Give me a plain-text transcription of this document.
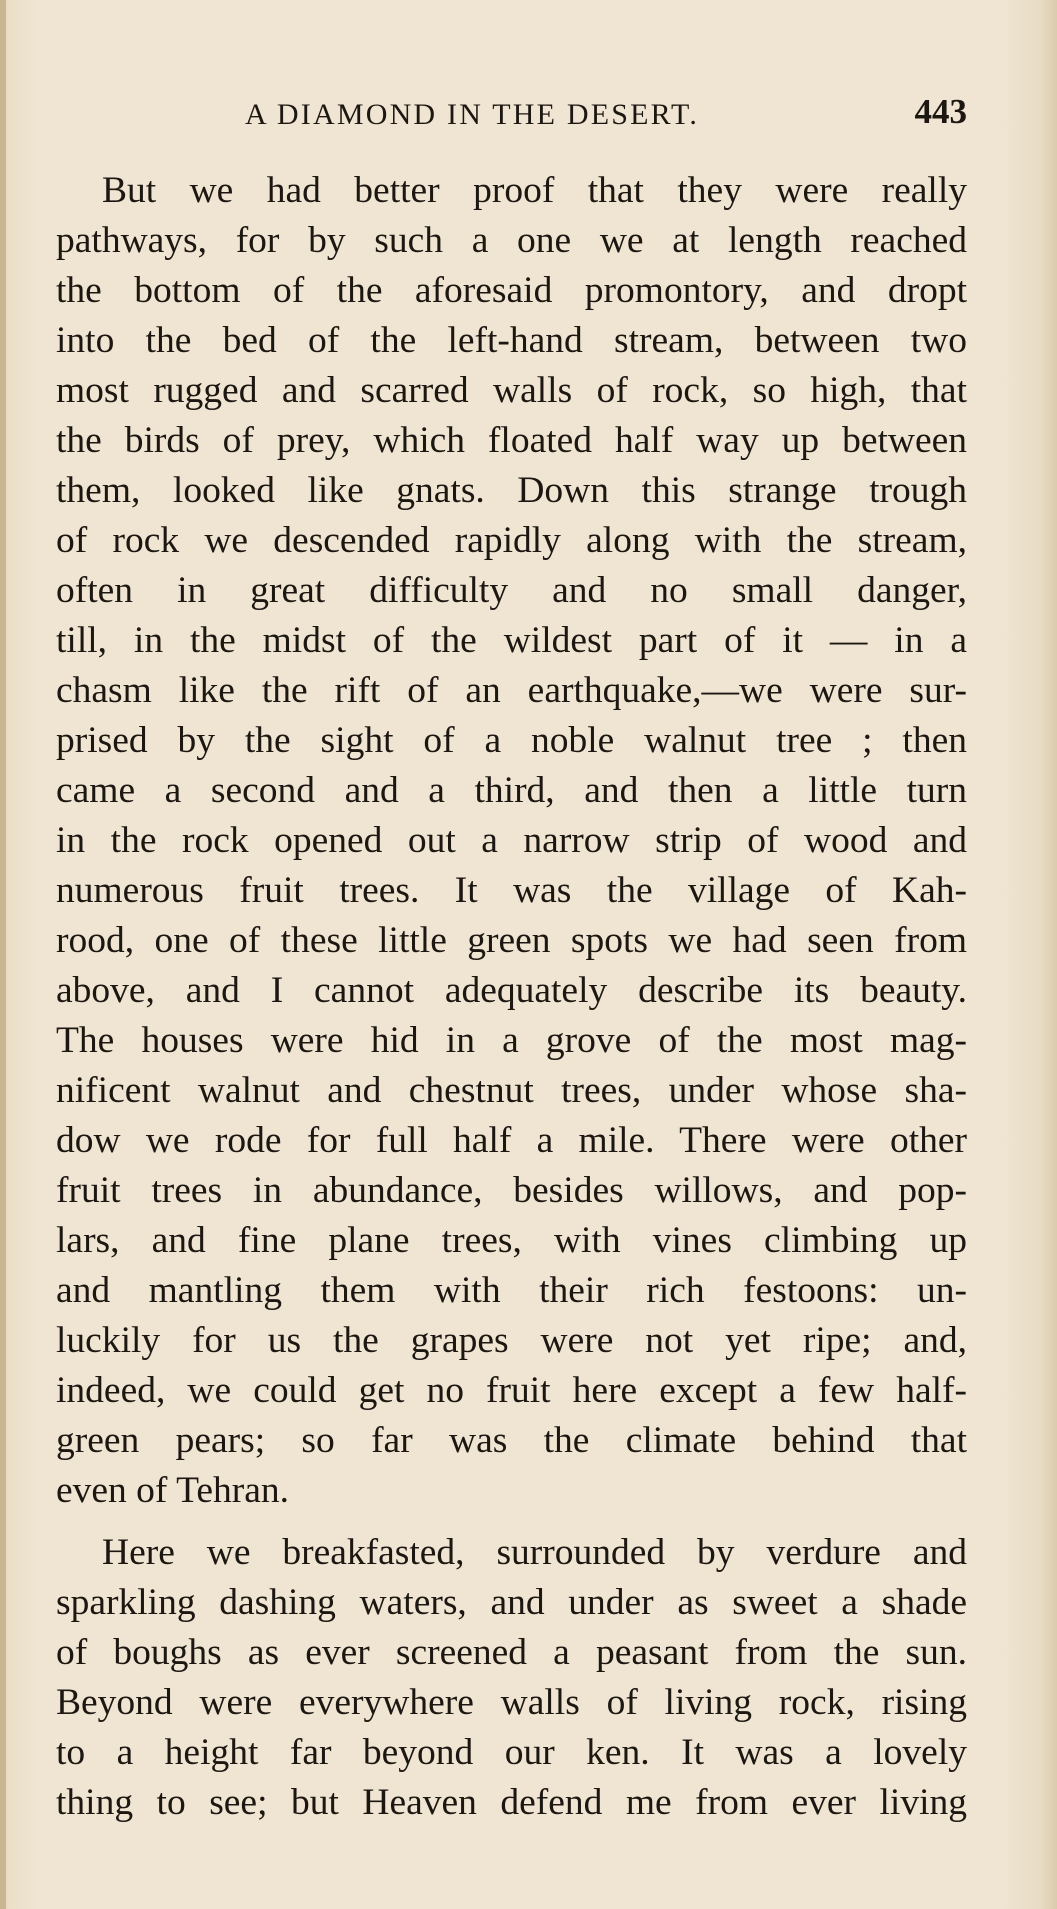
A DIAMOND IN THE DESERT.	443
But we had better proof that they were really
pathways, for by such a one we at length reached
the bottom of the aforesaid promontory, and dropt
into the bed of the left-hand stream, between two
most rugged and scarred walls of rock, so high, that
the birds of prey, which floated half way up between
them, looked like gnats. Down this strange trough
of rock we descended rapidly along with the stream,
often in great difficulty and no small danger,
till, in the midst of the wildest part of it — in a
chasm like the rift of an earthquake,—we were sur-
prised by the sight of a noble walnut tree ; then
came a second and a third, and then a little turn
in the rock opened out a narrow strip of wood and
numerous fruit trees. It was the village of Kah-
rood, one of these little green spots we had seen from
above, and I cannot adequately describe its beauty.
The houses were hid in a grove of the most mag-
nificent walnut and chestnut trees, under whose sha-
dow we rode for full half a mile. There were other
fruit trees in abundance, besides willows, and pop-
lars, and fine plane trees, with vines climbing up
and mantling them with their rich festoons: un-
luckily for us the grapes were not yet ripe; and,
indeed, we could get no fruit here except a few half-
green pears; so far was the climate behind that
even of Tehran.
Here we breakfasted, surrounded by verdure and
sparkling dashing waters, and under as sweet a shade
of boughs as ever screened a peasant from the sun.
Beyond were everywhere walls of living rock, rising
to a height far beyond our ken. It was a lovely
thing to see; but Heaven defend me from ever living
